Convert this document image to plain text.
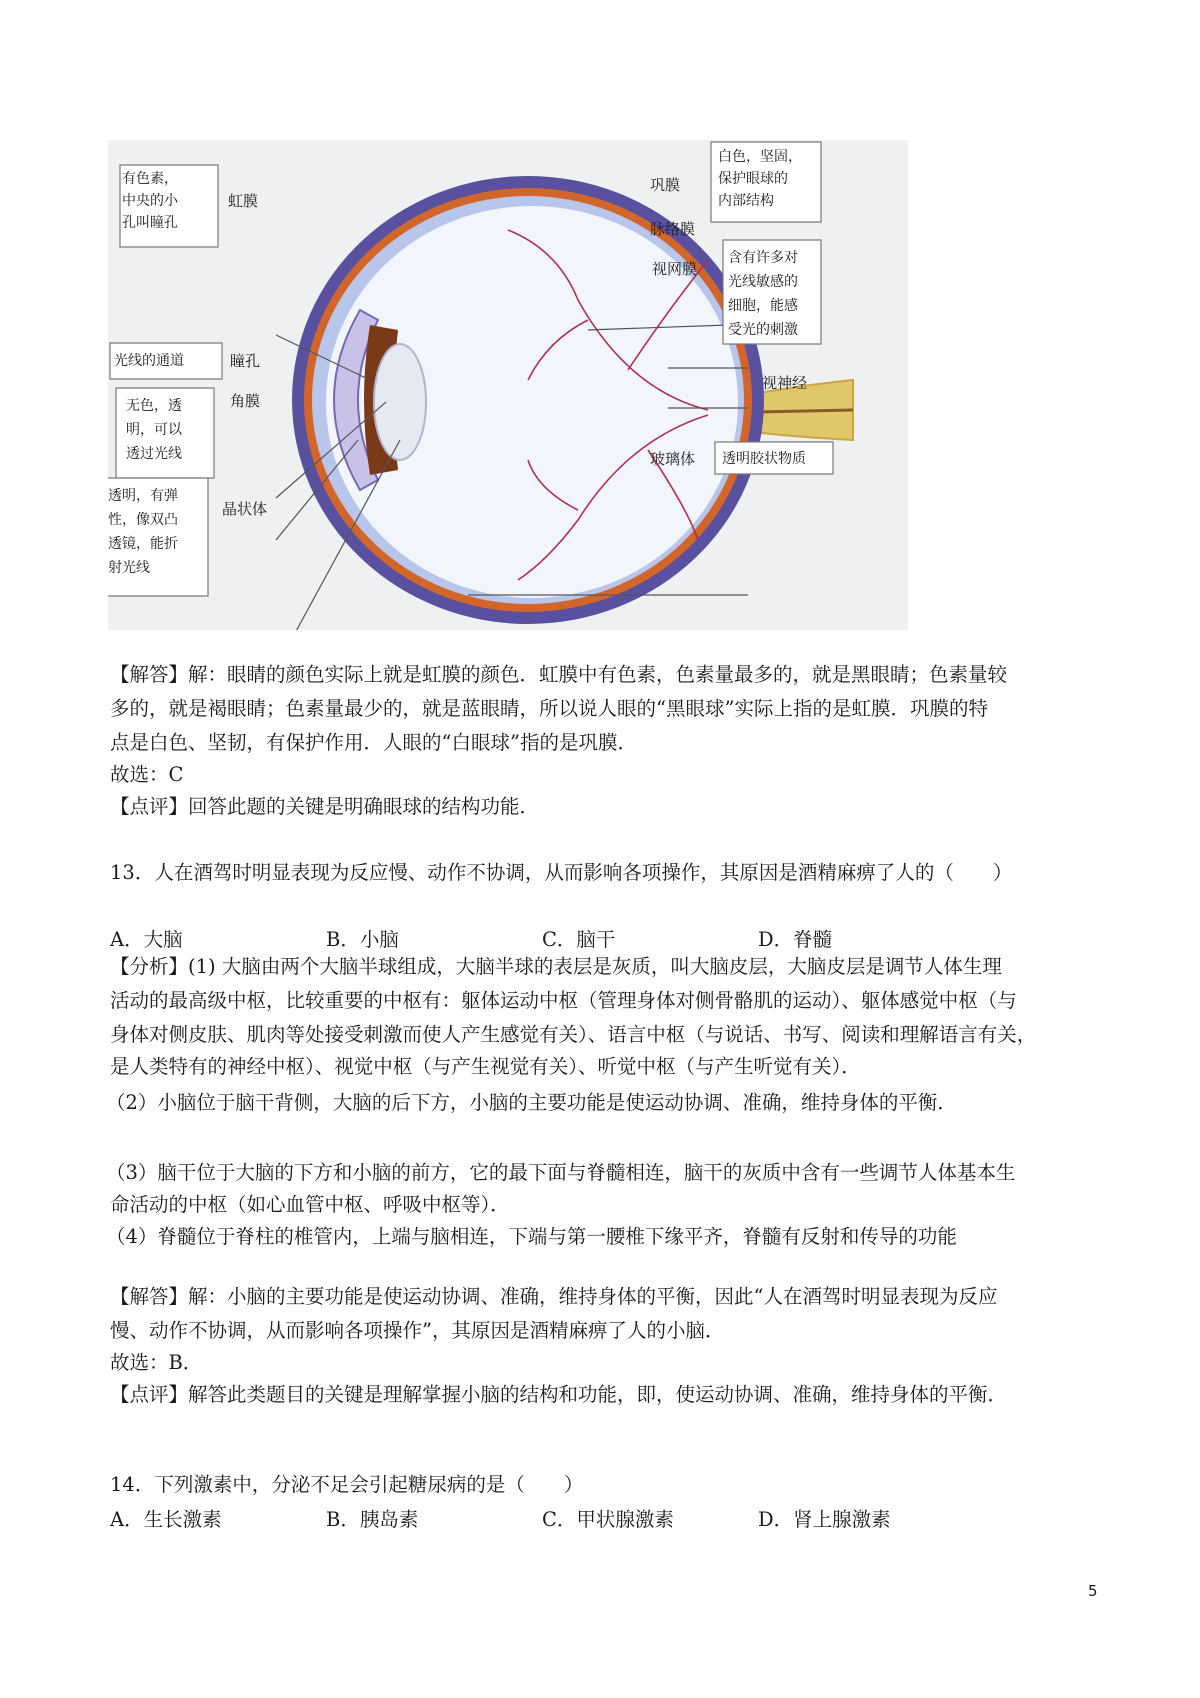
有色素，
中央的小
孔叫瞳孔
虹膜
光线的通道	瞳孔
无色，透
明，可以
透过光线
角膜
透明，有弹
性，像双凸
透镜，能折
射光线
晶状体
白色，坚固，
保护眼球的
内部结构
巩膜
脉络膜
视网膜
含有许多对
光线敏感的
细胞，能感
受光的刺激
视神经
玻璃体 透明胶状物质
【解答】解：眼睛的颜色实际上就是虹膜的颜色．虹膜中有色素，色素量最多的，就是黑眼睛；色素量较
多的，就是褐眼睛；色素量最少的，就是蓝眼睛，所以说人眼的“黑眼球”实际上指的是虹膜．巩膜的特
点是白色、坚韧，有保护作用．人眼的“白眼球”指的是巩膜．
故选：C
【点评】回答此题的关键是明确眼球的结构功能．
13．人在酒驾时明显表现为反应慢、动作不协调，从而影响各项操作，其原因是酒精麻痹了人的（　　）
A．大脑	B．小脑	C．脑干	D．脊髓
【分析】(1) 大脑由两个大脑半球组成，大脑半球的表层是灰质，叫大脑皮层，大脑皮层是调节人体生理
活动的最高级中枢，比较重要的中枢有：躯体运动中枢（管理身体对侧骨骼肌的运动）、躯体感觉中枢（与
身体对侧皮肤、肌肉等处接受刺激而使人产生感觉有关）、语言中枢（与说话、书写、阅读和理解语言有关，
是人类特有的神经中枢）、视觉中枢（与产生视觉有关）、听觉中枢（与产生听觉有关）．
（2）小脑位于脑干背侧，大脑的后下方，小脑的主要功能是使运动协调、准确，维持身体的平衡．
（3）脑干位于大脑的下方和小脑的前方，它的最下面与脊髓相连，脑干的灰质中含有一些调节人体基本生
命活动的中枢（如心血管中枢、呼吸中枢等）．
（4）脊髓位于脊柱的椎管内，上端与脑相连，下端与第一腰椎下缘平齐，脊髓有反射和传导的功能
【解答】解：小脑的主要功能是使运动协调、准确，维持身体的平衡，因此“人在酒驾时明显表现为反应
慢、动作不协调，从而影响各项操作”，其原因是酒精麻痹了人的小脑．
故选：B．
【点评】解答此类题目的关键是理解掌握小脑的结构和功能，即，使运动协调、准确，维持身体的平衡．
14．下列激素中，分泌不足会引起糖尿病的是（　　）
A．生长激素	B．胰岛素	C．甲状腺激素	D．肾上腺激素
5
